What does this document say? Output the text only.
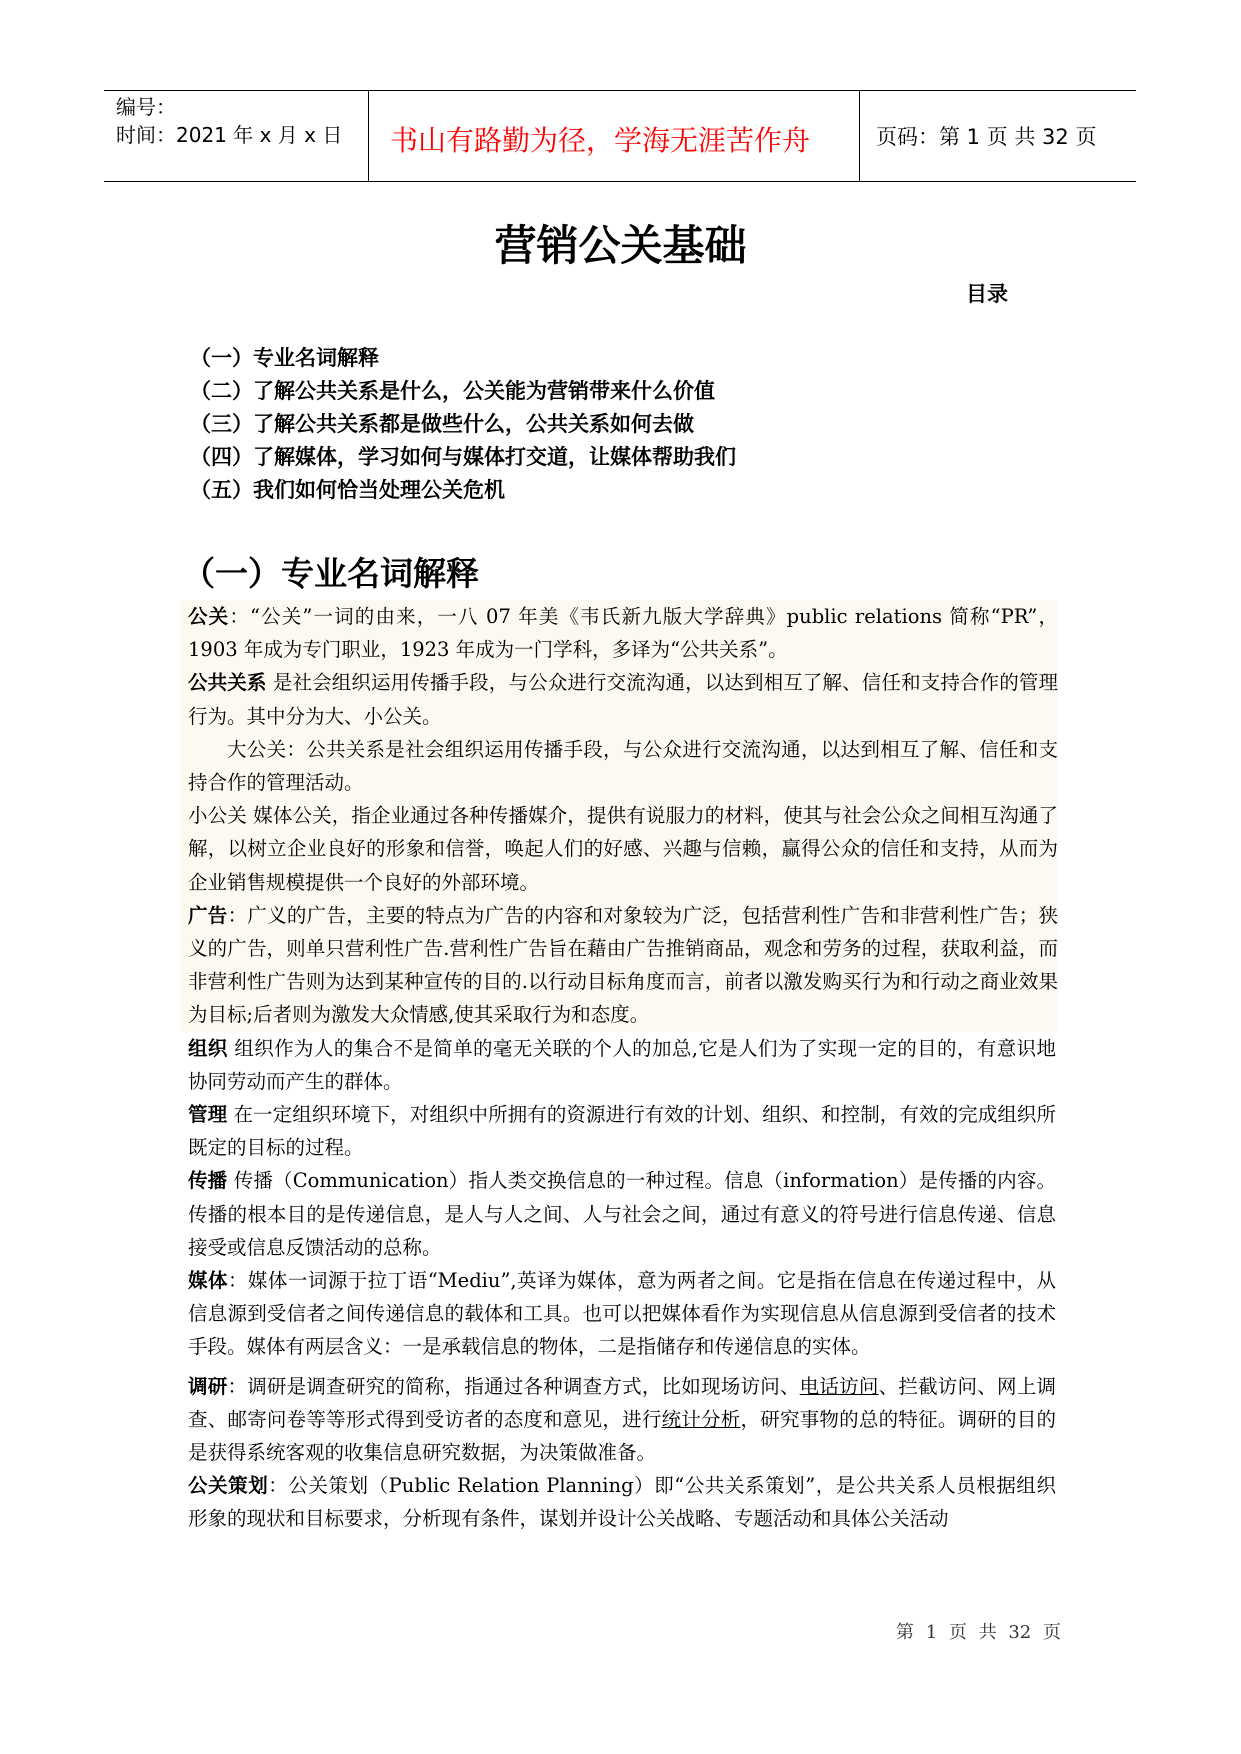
编号：
时间：2021 年 x 月 x 日 书山有路勤为径，学海无涯苦作舟	页码：第 1 页 共 32 页
营销公关基础
目录
（一）专业名词解释
（二）了解公共关系是什么，公关能为营销带来什么价值
（三）了解公共关系都是做些什么，公共关系如何去做
（四）了解媒体，学习如何与媒体打交道，让媒体帮助我们
（五）我们如何恰当处理公关危机
（一）专业名词解释

公关：“公关”一词的由来，一八 07 年美《韦氏新九版大学辞典》public relations 简称“PR”，1903 年成为专门职业，1923 年成为一门学科，多译为“公共关系”。

公共关系 是社会组织运用传播手段，与公众进行交流沟通，以达到相互了解、信任和支持合作的管理行为。其中分为大、小公关。

大公关：公共关系是社会组织运用传播手段，与公众进行交流沟通，以达到相互了解、信任和支持合作的管理活动。

小公关 媒体公关，指企业通过各种传播媒介，提供有说服力的材料，使其与社会公众之间相互沟通了解，以树立企业良好的形象和信誉，唤起人们的好感、兴趣与信赖，赢得公众的信任和支持，从而为企业销售规模提供一个良好的外部环境。

广告：广义的广告，主要的特点为广告的内容和对象较为广泛，包括营利性广告和非营利性广告；狭义的广告，则单只营利性广告.营利性广告旨在藉由广告推销商品，观念和劳务的过程，获取利益，而非营利性广告则为达到某种宣传的目的.以行动目标角度而言，前者以激发购买行为和行动之商业效果为目标;后者则为激发大众情感,使其采取行为和态度。

组织 组织作为人的集合不是简单的毫无关联的个人的加总,它是人们为了实现一定的目的，有意识地协同劳动而产生的群体。

管理 在一定组织环境下，对组织中所拥有的资源进行有效的计划、组织、和控制，有效的完成组织所既定的目标的过程。

传播 传播（Communication）指人类交换信息的一种过程。信息（information）是传播的内容。传播的根本目的是传递信息，是人与人之间、人与社会之间，通过有意义的符号进行信息传递、信息接受或信息反馈活动的总称。

媒体：媒体一词源于拉丁语“Mediu”,英译为媒体，意为两者之间。它是指在信息在传递过程中，从信息源到受信者之间传递信息的载体和工具。也可以把媒体看作为实现信息从信息源到受信者的技术手段。媒体有两层含义：一是承载信息的物体，二是指储存和传递信息的实体。

调研：调研是调查研究的简称，指通过各种调查方式，比如现场访问、电话访问、拦截访问、网上调查、邮寄问卷等等形式得到受访者的态度和意见，进行统计分析，研究事物的总的特征。调研的目的是获得系统客观的收集信息研究数据，为决策做准备。

公关策划：公关策划（Public Relation Planning）即“公共关系策划”，是公共关系人员根据组织形象的现状和目标要求，分析现有条件，谋划并设计公关战略、专题活动和具体公关活动

第 1 页 共 32 页
